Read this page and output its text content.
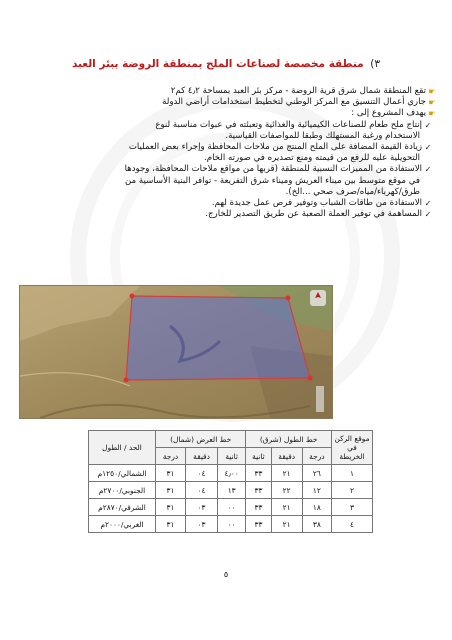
٣) منطقة مخصصة لصناعات الملح بمنطقة الروضة ببئر العبد
☛
تقع المنطقة شمال شرق قرية الروضة - مركز بئر العبد بمساحة ٤٫٢ كم٢
☛
جاري أعمال التنسيق مع المركز الوطني لتخطيط استخدامات أراضي الدولة
☛
يهدف المشروع إلى :
✓
إنتاج ملح طعام للصناعات الكيميائية والغذائية وتعبئته في عبوات مناسبة لنوع
الاستخدام ورغبة المستهلك وطبقا للمواصفات القياسية.
✓
زيادة القيمة المضافة على الملح المنتج من ملاحات المحافظة وإجراء بعض العمليات
التحويلية عليه للرفع من قيمته ومنع تصديره في صورته الخام.
✓
الاستفادة من المميزات النسبية للمنطقة (قربها من مواقع ملاحات المحافظة، وجودها
في موقع متوسط بين ميناء العريش وميناء شرق التفريعة - توافر البنية الأساسية من
طرق/كهرباء/مياه/صرف صحي ...الخ).
✓
الاستفادة من طاقات الشباب وتوفير فرص عمل جديدة لهم.
✓
المساهمة في توفير العملة الصعبة عن طريق التصدير للخارج.
موقع الركن في الخريطة	خط الطول (شرق)			خط العرض (شمال)			الحد / الطول
	درجة	دقيقة	ثانية	ثانية	دقيقة	درجة	
١	٢٦	٢١	٣٣	٤٫٠٠	٠٤	٣١	الشمالي/١٢٥٠م
٢	١٢	٢٢	٣٣	١٣	٠٤	٣١	الجنوبي/٢٧٠٠م
٣	١٨	٢١	٣٣	٠٠	٠٣	٣١	الشرقي/٢٨٧٠م
٤	٣٨	٢١	٣٣	٠٠	٠٣	٣١	الغربي/٢٠٠٠م
٥
